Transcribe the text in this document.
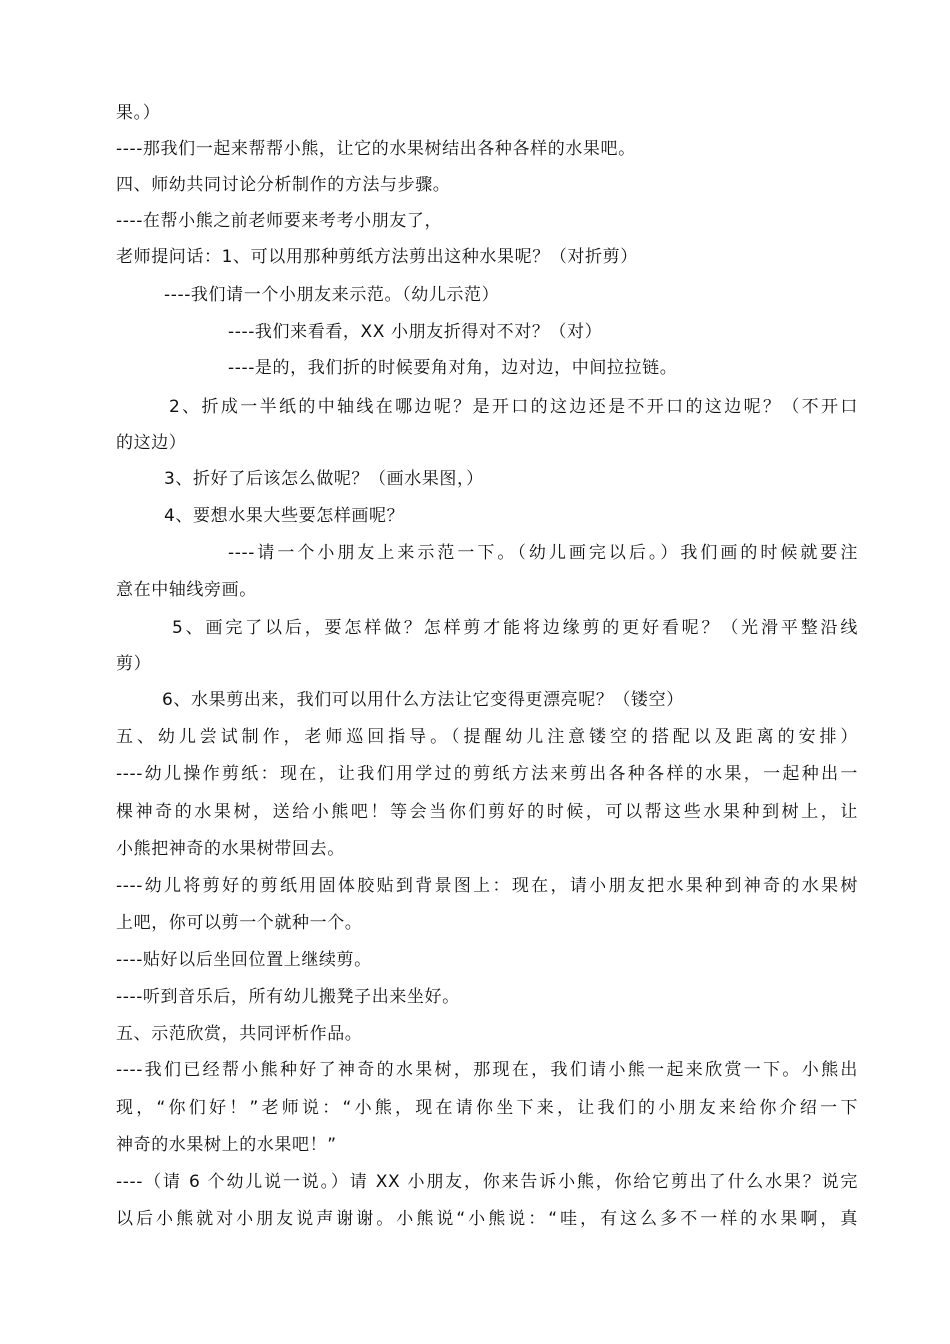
果。）
----那我们一起来帮帮小熊，让它的水果树结出各种各样的水果吧。
四、师幼共同讨论分析制作的方法与步骤。
----在帮小熊之前老师要来考考小朋友了，
老师提问话：1、可以用那种剪纸方法剪出这种水果呢？（对折剪）
----我们请一个小朋友来示范。（幼儿示范）
----我们来看看，XX 小朋友折得对不对？（对）
----是的，我们折的时候要角对角，边对边，中间拉拉链。
2、折成一半纸的中轴线在哪边呢？是开口的这边还是不开口的这边呢？（不开口
的这边）
3、折好了后该怎么做呢？（画水果图，）
4、要想水果大些要怎样画呢？
----请一个小朋友上来示范一下。（幼儿画完以后。）我们画的时候就要注
意在中轴线旁画。
5、画完了以后，要怎样做？怎样剪才能将边缘剪的更好看呢？（光滑平整沿线
剪）
6、水果剪出来，我们可以用什么方法让它变得更漂亮呢？（镂空）
五、幼儿尝试制作，老师巡回指导。（提醒幼儿注意镂空的搭配以及距离的安排）
----幼儿操作剪纸：现在，让我们用学过的剪纸方法来剪出各种各样的水果，一起种出一
棵神奇的水果树，送给小熊吧！等会当你们剪好的时候，可以帮这些水果种到树上，让
小熊把神奇的水果树带回去。
----幼儿将剪好的剪纸用固体胶贴到背景图上：现在，请小朋友把水果种到神奇的水果树
上吧，你可以剪一个就种一个。
----贴好以后坐回位置上继续剪。
----听到音乐后，所有幼儿搬凳子出来坐好。
五、示范欣赏，共同评析作品。
----我们已经帮小熊种好了神奇的水果树，那现在，我们请小熊一起来欣赏一下。小熊出
现，“你们好！”老师说：“小熊，现在请你坐下来，让我们的小朋友来给你介绍一下
神奇的水果树上的水果吧！”
----（请 6 个幼儿说一说。）请 XX 小朋友，你来告诉小熊，你给它剪出了什么水果？说完
以后小熊就对小朋友说声谢谢。小熊说“小熊说：“哇，有这么多不一样的水果啊，真
